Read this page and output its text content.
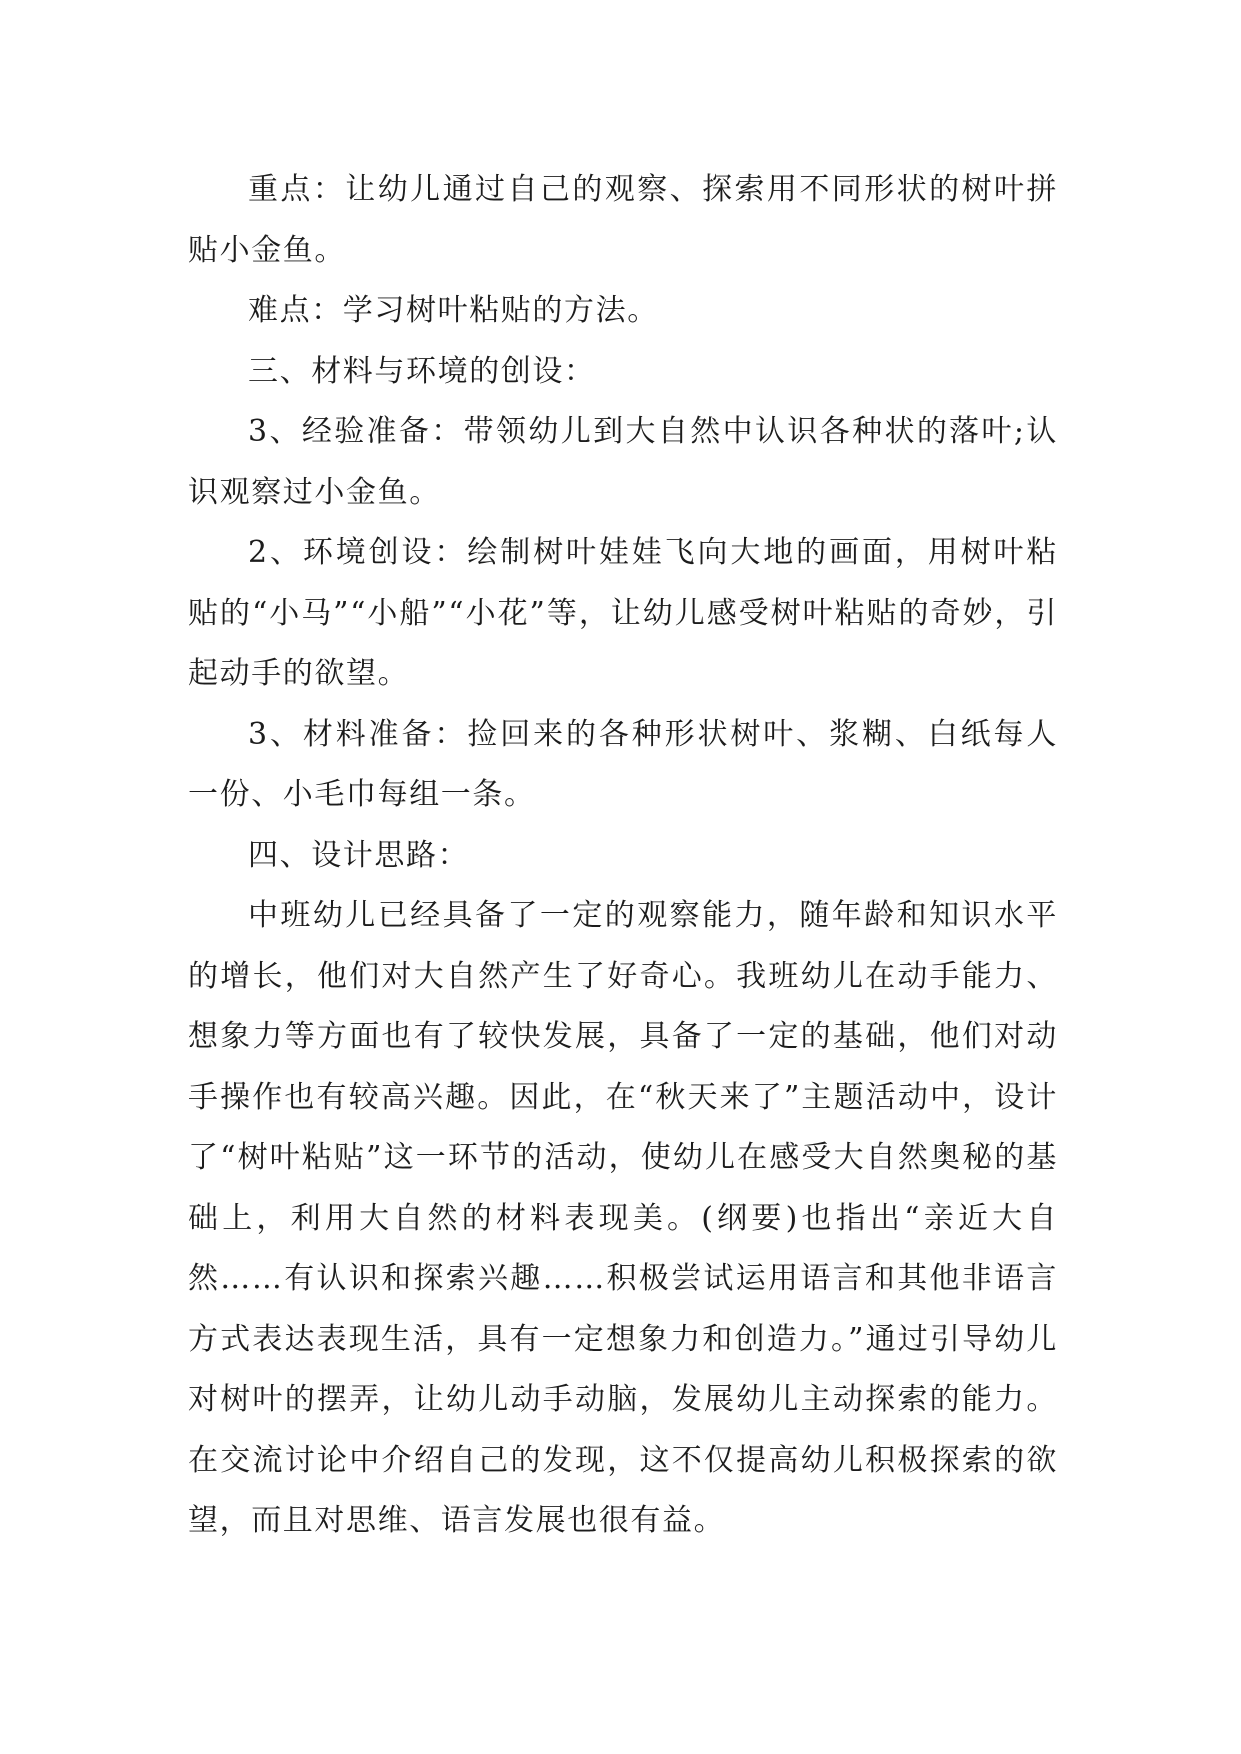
重点：让幼儿通过自己的观察、探索用不同形状的树叶拼贴小金鱼。

难点：学习树叶粘贴的方法。

三、材料与环境的创设：

3、经验准备：带领幼儿到大自然中认识各种状的落叶;认识观察过小金鱼。

2、环境创设：绘制树叶娃娃飞向大地的画面，用树叶粘贴的“小马”“小船”“小花”等，让幼儿感受树叶粘贴的奇妙，引起动手的欲望。

3、材料准备：捡回来的各种形状树叶、浆糊、白纸每人一份、小毛巾每组一条。

四、设计思路：

中班幼儿已经具备了一定的观察能力，随年龄和知识水平的增长，他们对大自然产生了好奇心。我班幼儿在动手能力、想象力等方面也有了较快发展，具备了一定的基础，他们对动手操作也有较高兴趣。因此，在“秋天来了”主题活动中，设计了“树叶粘贴”这一环节的活动，使幼儿在感受大自然奥秘的基础上，利用大自然的材料表现美。(纲要)也指出“亲近大自然……有认识和探索兴趣……积极尝试运用语言和其他非语言方式表达表现生活，具有一定想象力和创造力。”通过引导幼儿对树叶的摆弄，让幼儿动手动脑，发展幼儿主动探索的能力。在交流讨论中介绍自己的发现，这不仅提高幼儿积极探索的欲望，而且对思维、语言发展也很有益。
